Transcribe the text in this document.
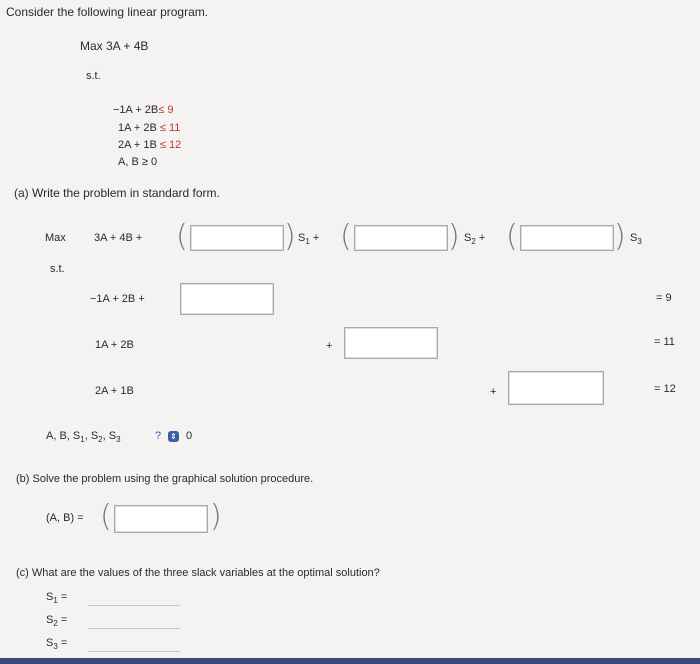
Consider the following linear program.
Max 3A + 4B
s.t.
−1A + 2B≤ 9
1A + 2B ≤ 11
2A + 1B ≤ 12
A, B ≥ 0
(a) Write the problem in standard form.
Max	3A + 4B + (	) $S_1$ + (	) $S_2$ + (	) $S_3$
s.t.
−1A + 2B +	= 9
1A + 2B	+	= 11
2A + 1B	+	= 12
A, B, $S_1$, $S_2$, $S_3$	? ⇕ 0
(b) Solve the problem using the graphical solution procedure.
(A, B) = (	)
(c) What are the values of the three slack variables at the optimal solution?
$S_1$ =
$S_2$ =
$S_3$ =
